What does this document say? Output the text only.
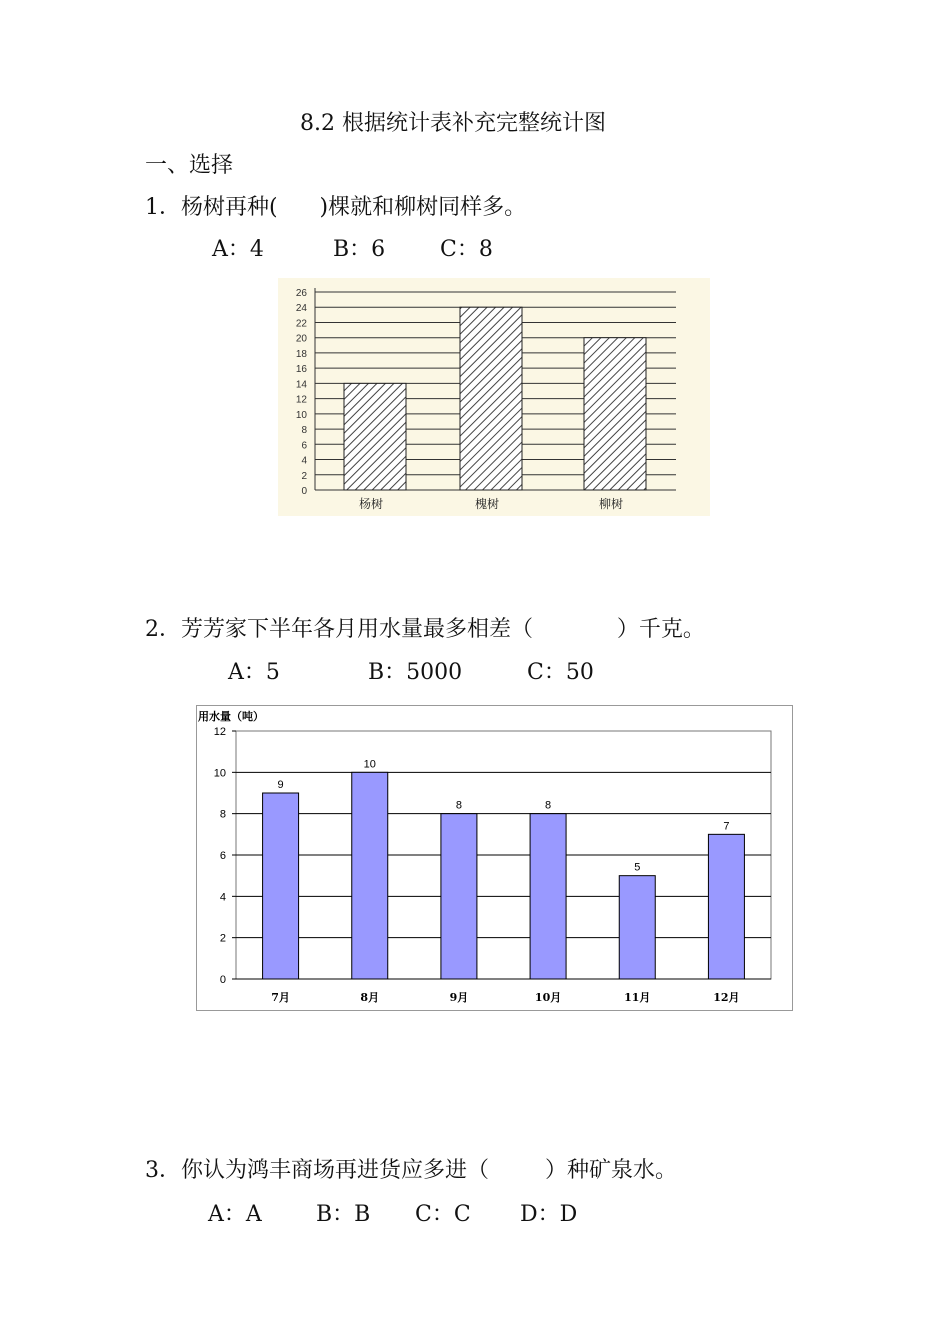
8.2 根据统计表补充完整统计图
一、选择
1．杨树再种(      )棵就和柳树同样多。
A：4	B：6 C：8
0
2
4
6
8
10
12
14
16
18
20
22
24
26
杨树	槐树	柳树
2．芳芳家下半年各月用水量最多相差（            ）千克。
A：5	B：5000	C：50
用水量（吨）
9
10
8	8
5
7
0
2
4
6
8
10
12
7月	8月	9月	10月	11月	12月
3．你认为鸿丰商场再进货应多进（        ）种矿泉水。
A：A B：B C：C D：D
